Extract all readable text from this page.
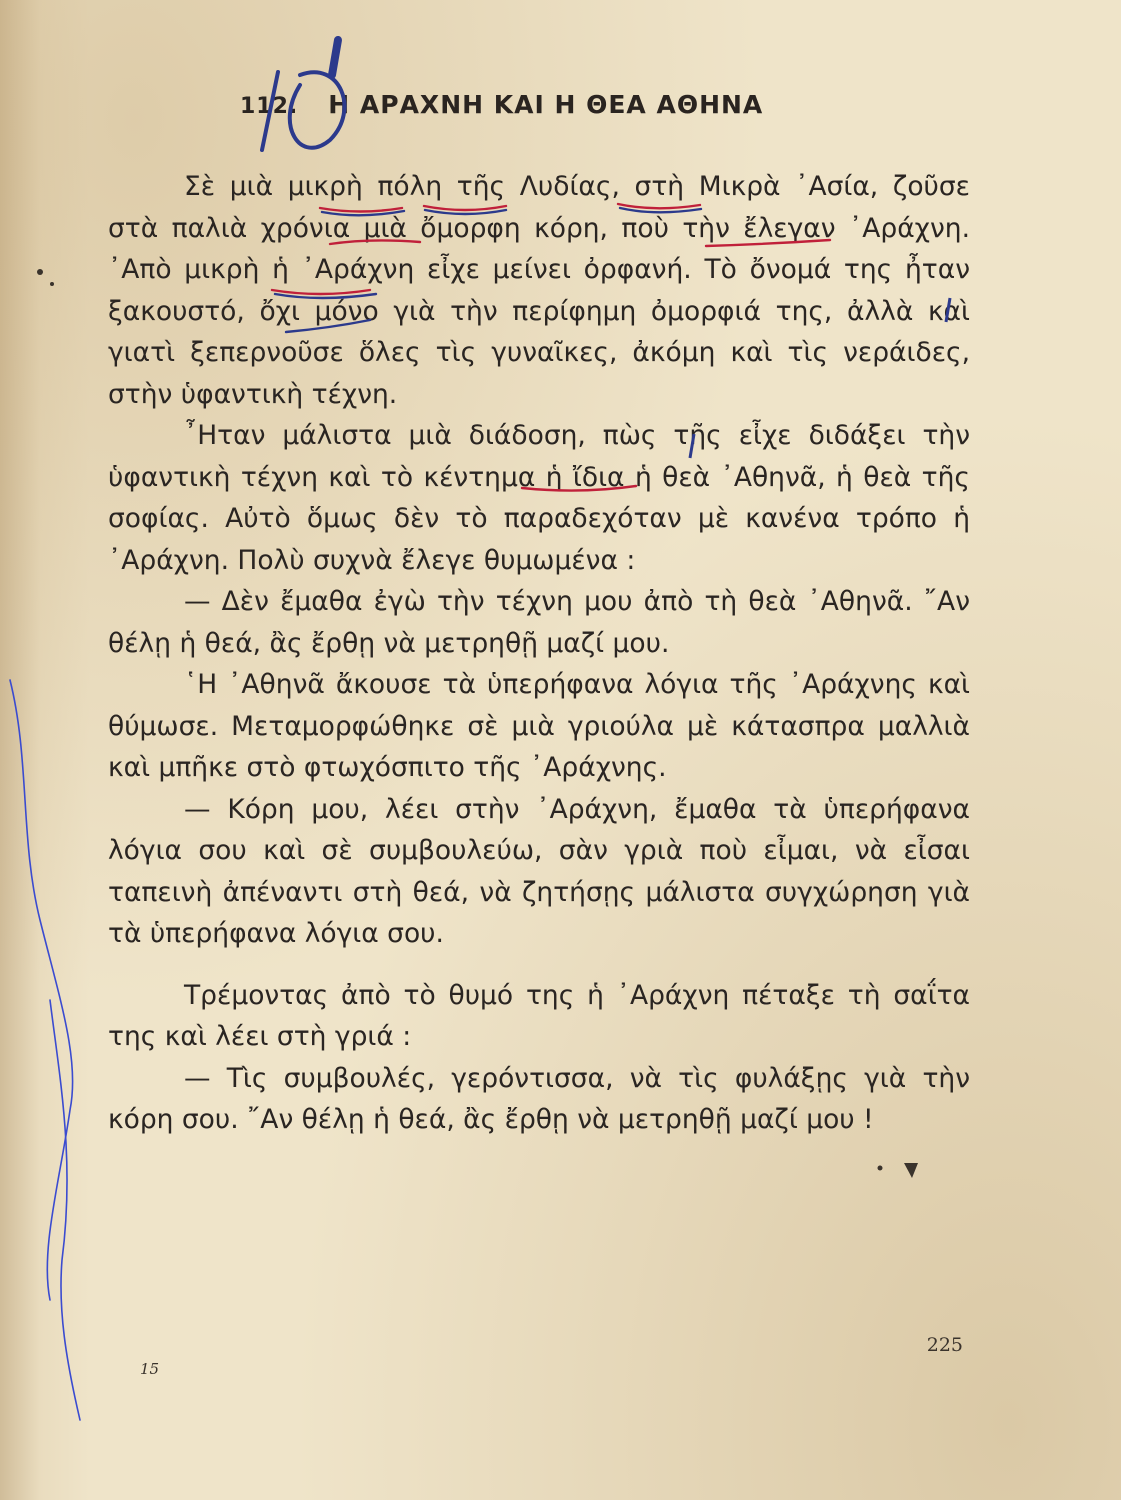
112. Η ΑΡΑΧΝΗ ΚΑΙ Η ΘΕΑ ΑΘΗΝΑ

Σὲ μιὰ μικρὴ πόλη τῆς Λυδίας, στὴ Μικρὰ ᾿Ασία, ζοῦσε στὰ παλιὰ χρόνια μιὰ ὄμορφη κόρη, ποὺ τὴν ἔλεγαν ᾿Αράχνη. ᾿Απὸ μικρὴ ἡ ᾿Αράχνη εἶχε μείνει ὀρφανή. Τὸ ὄνομά της ἦταν ξακουστό, ὄχι μόνο γιὰ τὴν περίφημη ὀμορφιά της, ἀλλὰ καὶ γιατὶ ξεπερνοῦσε ὅλες τὶς γυναῖκες, ἀκόμη καὶ τὶς νεράιδες, στὴν ὑφαντικὴ τέχνη.

῏Ηταν μάλιστα μιὰ διάδοση, πὼς τῆς εἶχε διδάξει τὴν ὑφαντικὴ τέχνη καὶ τὸ κέντημα ἡ ἴδια ἡ θεὰ ᾿Αθηνᾶ, ἡ θεὰ τῆς σοφίας. Αὐτὸ ὅμως δὲν τὸ παραδεχόταν μὲ κανένα τρόπο ἡ ᾿Αράχνη. Πολὺ συχνὰ ἔλεγε θυμωμένα :

— Δὲν ἔμαθα ἐγὼ τὴν τέχνη μου ἀπὸ τὴ θεὰ ᾿Αθηνᾶ. ῎Αν θέλῃ ἡ θεά, ἂς ἔρθῃ νὰ μετρηθῇ μαζί μου.

῾Η ᾿Αθηνᾶ ἄκουσε τὰ ὑπερήφανα λόγια τῆς ᾿Αράχνης καὶ θύμωσε. Μεταμορφώθηκε σὲ μιὰ γριούλα μὲ κάτασπρα μαλλιὰ καὶ μπῆκε στὸ φτωχόσπιτο τῆς ᾿Αράχνης.

— Κόρη μου, λέει στὴν ᾿Αράχνη, ἔμαθα τὰ ὑπερήφανα λόγια σου καὶ σὲ συμβουλεύω, σὰν γριὰ ποὺ εἶμαι, νὰ εἶσαι ταπεινὴ ἀπέναντι στὴ θεά, νὰ ζητήσῃς μάλιστα συγχώρηση γιὰ τὰ ὑπερήφανα λόγια σου.

Τρέμοντας ἀπὸ τὸ θυμό της ἡ ᾿Αράχνη πέταξε τὴ σαΐτα της καὶ λέει στὴ γριά :

— Τὶς συμβουλές, γερόντισσα, νὰ τὶς φυλάξῃς γιὰ τὴν κόρη σου. ῎Αν θέλῃ ἡ θεά, ἂς ἔρθῃ νὰ μετρηθῇ μαζί μου !

225
15
